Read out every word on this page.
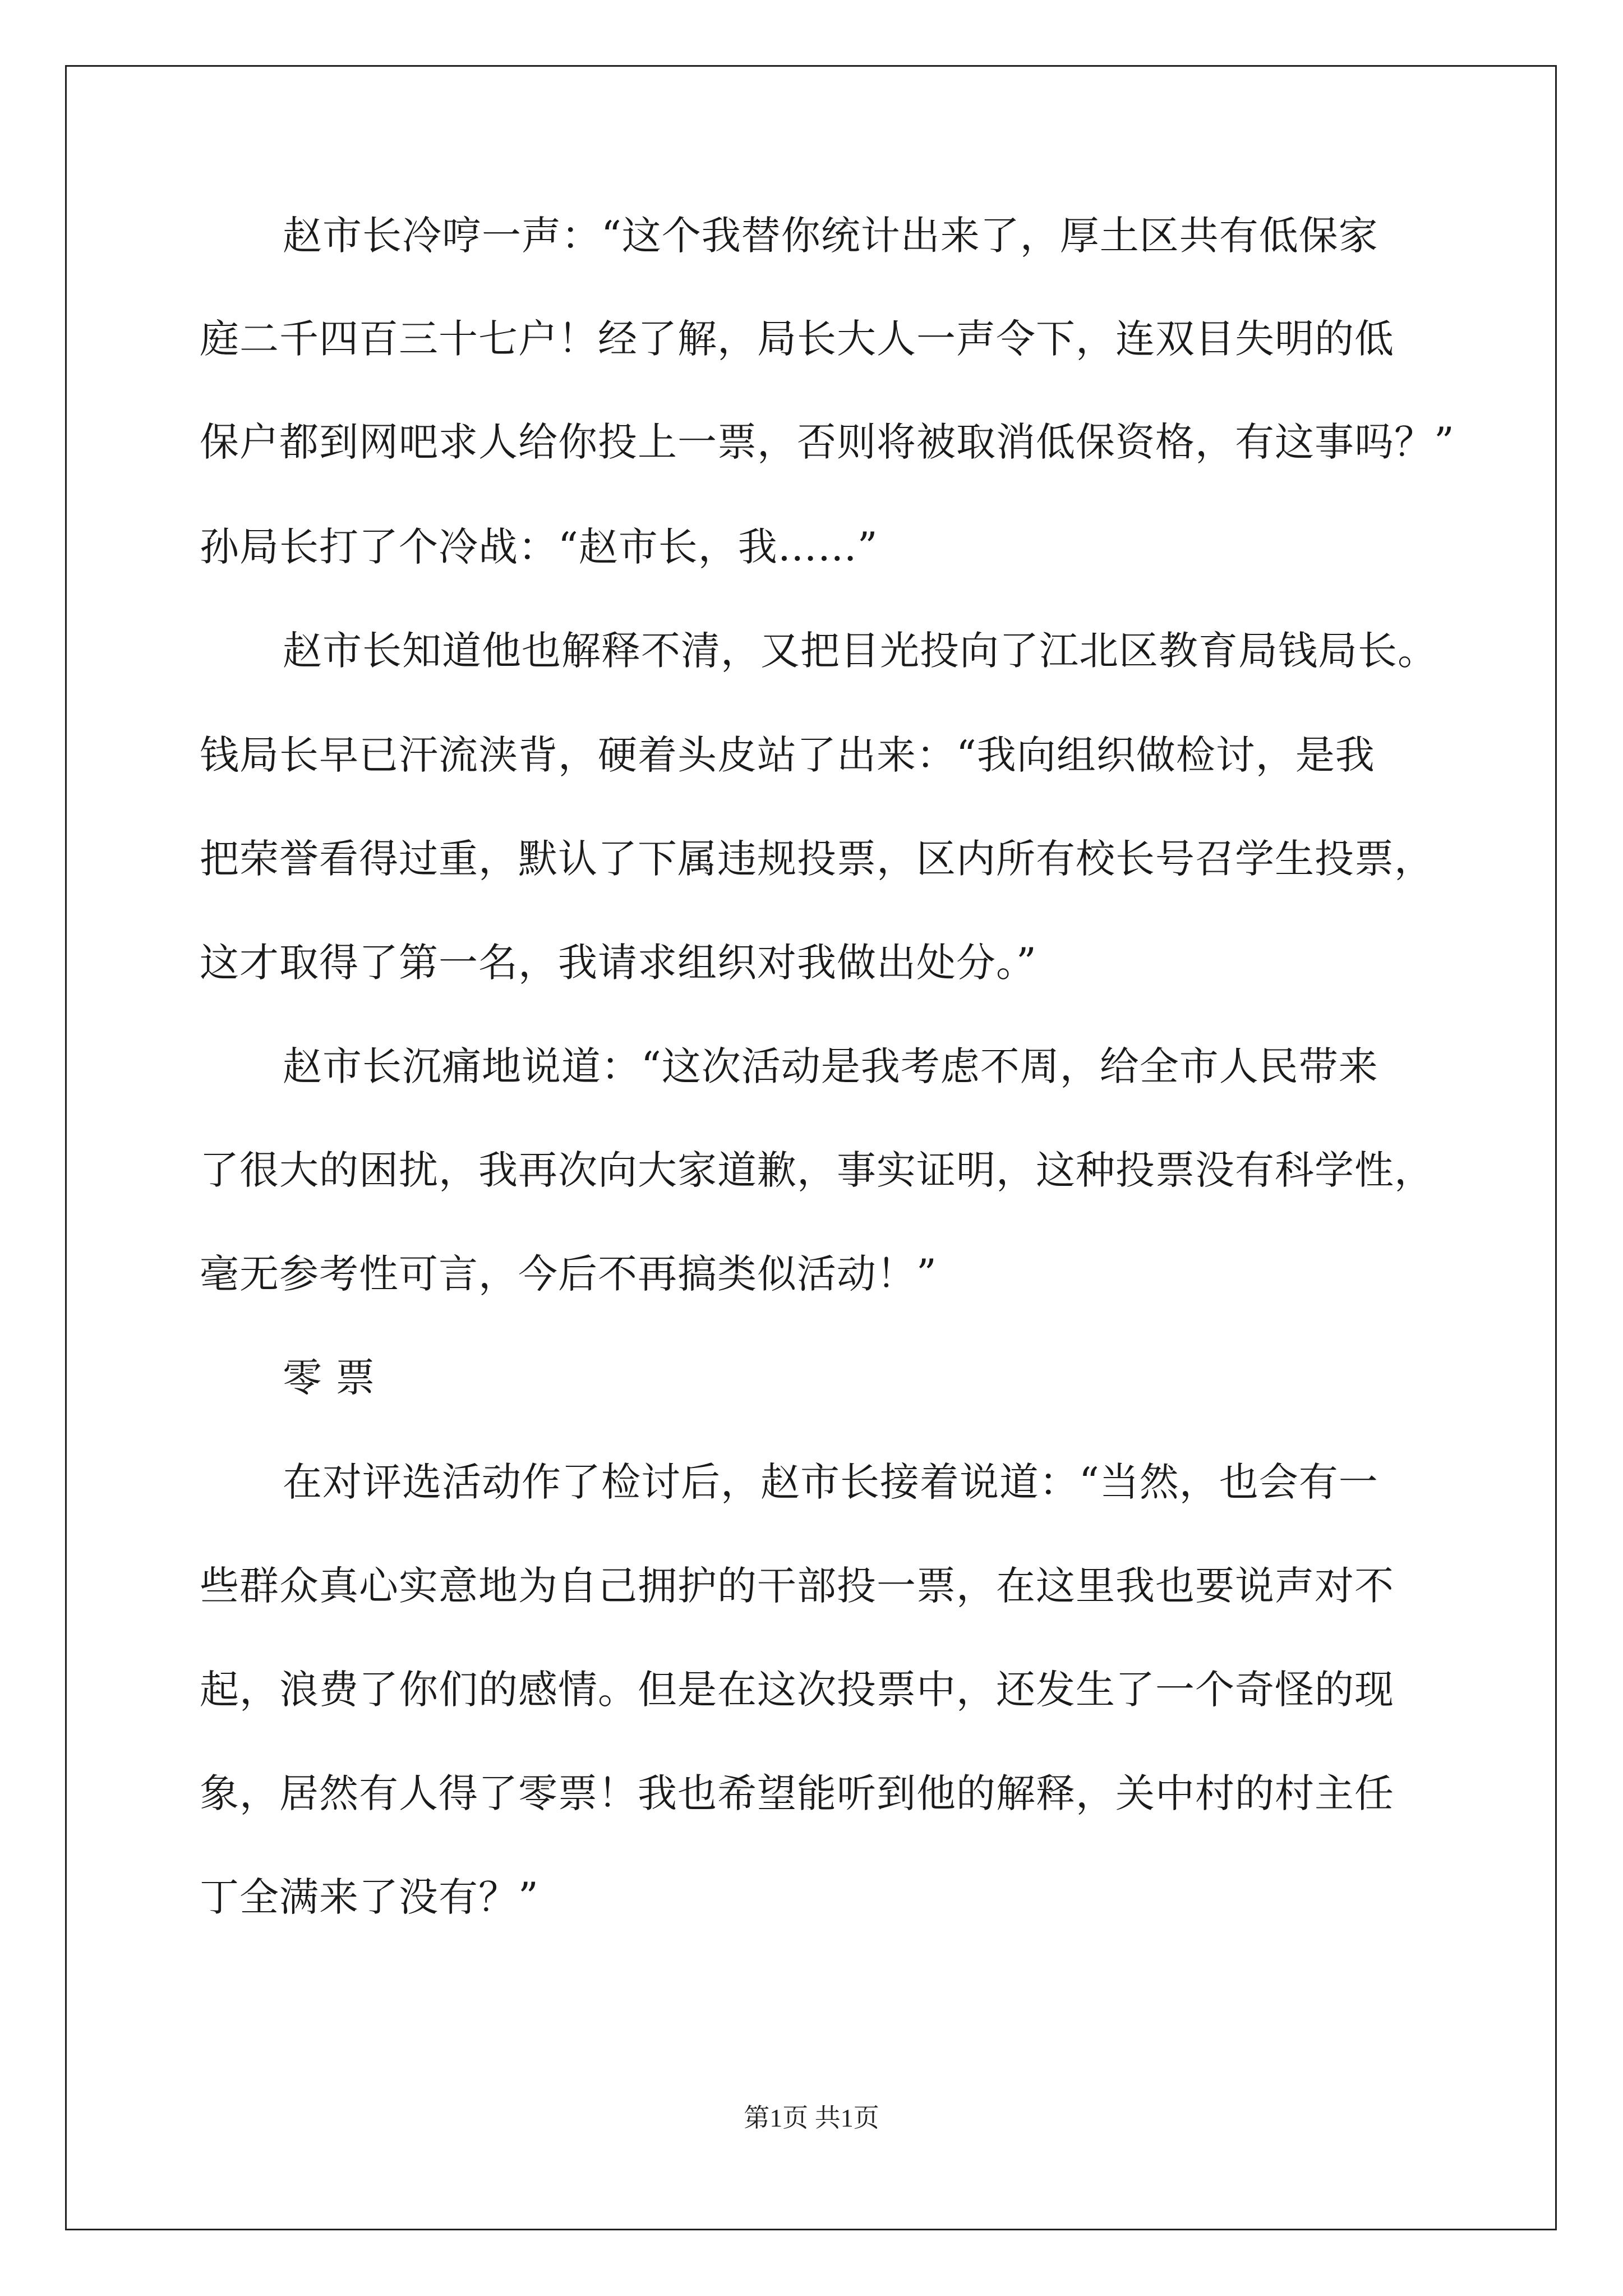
赵市长冷哼一声：“这个我替你统计出来了，厚土区共有低保家
庭二千四百三十七户！经了解，局长大人一声令下，连双目失明的低
保户都到网吧求人给你投上一票，否则将被取消低保资格，有这事吗？”
孙局长打了个冷战：“赵市长，我……”
赵市长知道他也解释不清，又把目光投向了江北区教育局钱局长。
钱局长早已汗流浃背，硬着头皮站了出来：“我向组织做检讨，是我
把荣誉看得过重，默认了下属违规投票，区内所有校长号召学生投票，
这才取得了第一名，我请求组织对我做出处分。”
赵市长沉痛地说道：“这次活动是我考虑不周，给全市人民带来
了很大的困扰，我再次向大家道歉，事实证明，这种投票没有科学性，
毫无参考性可言，今后不再搞类似活动！”
零 票
在对评选活动作了检讨后，赵市长接着说道：“当然，也会有一
些群众真心实意地为自己拥护的干部投一票，在这里我也要说声对不
起，浪费了你们的感情。但是在这次投票中，还发生了一个奇怪的现
象，居然有人得了零票！我也希望能听到他的解释，关中村的村主任
丁全满来了没有？”
第1页 共1页
